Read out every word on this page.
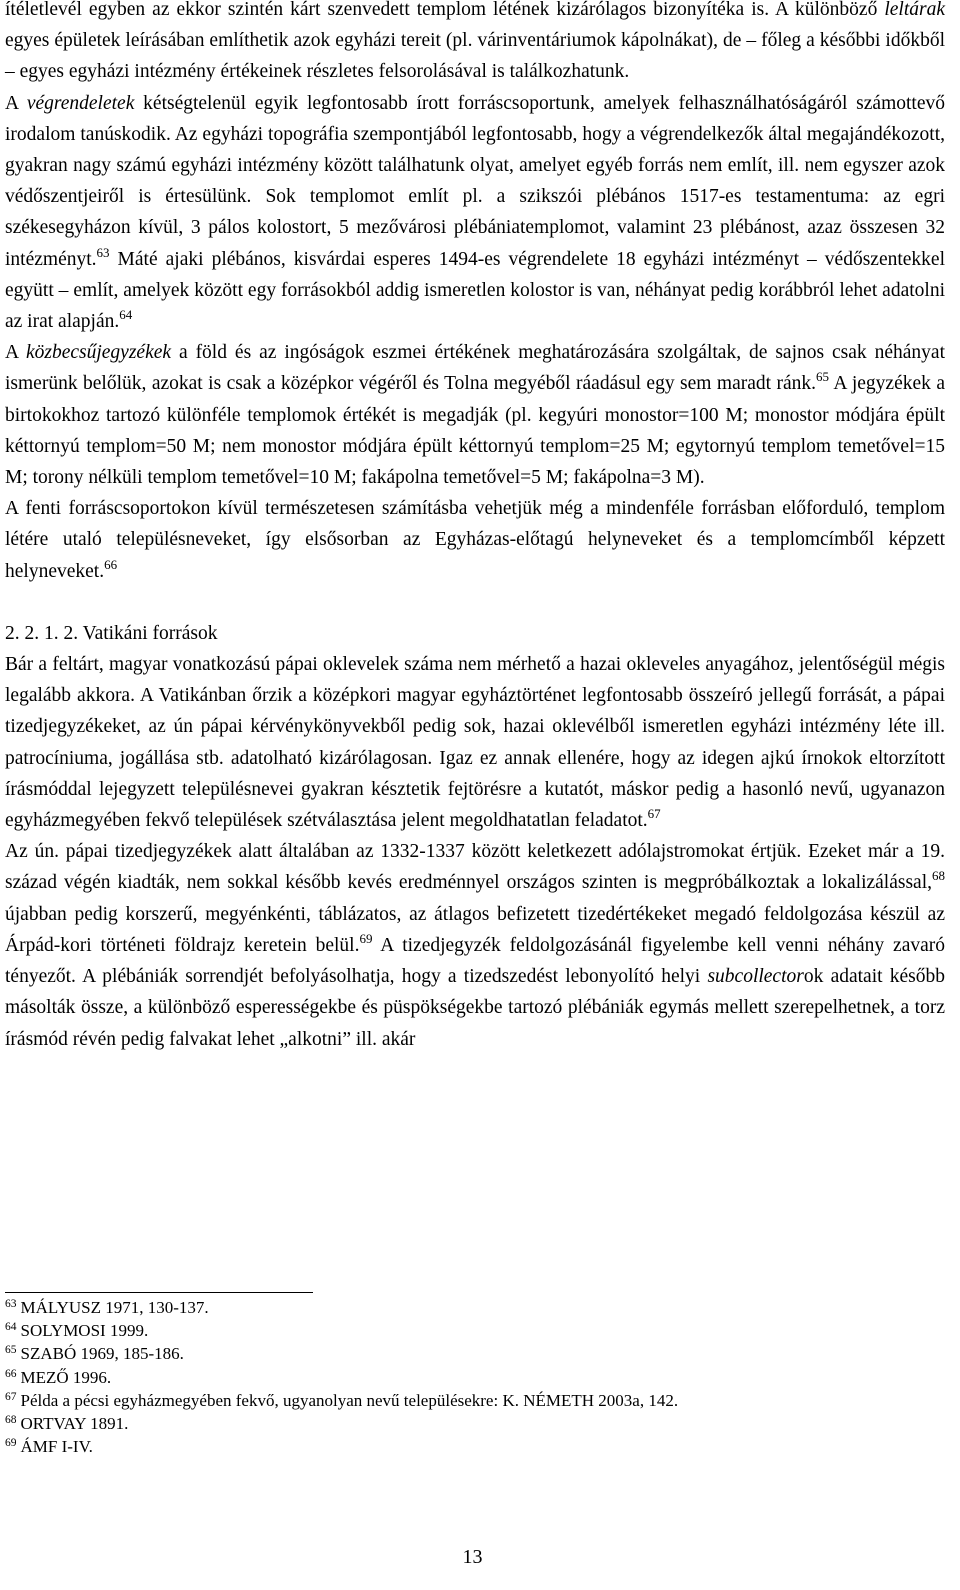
ítéletlevél egyben az ekkor szintén kárt szenvedett templom létének kizárólagos bizonyítéka is. A különböző leltárak egyes épületek leírásában említhetik azok egyházi tereit (pl. várinventáriumok kápolnákat), de – főleg a későbbi időkből – egyes egyházi intézmény értékeinek részletes felsorolásával is találkozhatunk.

A végrendeletek kétségtelenül egyik legfontosabb írott forráscsoportunk, amelyek felhasználhatóságáról számottevő irodalom tanúskodik. Az egyházi topográfia szempontjából legfontosabb, hogy a végrendelkezők által megajándékozott, gyakran nagy számú egyházi intézmény között találhatunk olyat, amelyet egyéb forrás nem említ, ill. nem egyszer azok védőszentjeiről is értesülünk. Sok templomot említ pl. a szikszói plébános 1517-es testamentuma: az egri székesegyházon kívül, 3 pálos kolostort, 5 mezővárosi plébániatemplomot, valamint 23 plébánost, azaz összesen 32 intézményt.$^{63}$ Máté ajaki plébános, kisvárdai esperes 1494-es végrendelete 18 egyházi intézményt – védőszentekkel együtt – említ, amelyek között egy forrásokból addig ismeretlen kolostor is van, néhányat pedig korábbról lehet adatolni az irat alapján.$^{64}$

A közbecsűjegyzékek a föld és az ingóságok eszmei értékének meghatározására szolgáltak, de sajnos csak néhányat ismerünk belőlük, azokat is csak a középkor végéről és Tolna megyéből ráadásul egy sem maradt ránk.$^{65}$ A jegyzékek a birtokokhoz tartozó különféle templomok értékét is megadják (pl. kegyúri monostor=100 M; monostor módjára épült kéttornyú templom=50 M; nem monostor módjára épült kéttornyú templom=25 M; egytornyú templom temetővel=15 M; torony nélküli templom temetővel=10 M; fakápolna temetővel=5 M; fakápolna=3 M).

A fenti forráscsoportokon kívül természetesen számításba vehetjük még a mindenféle forrásban előforduló, templom létére utaló településneveket, így elsősorban az Egyházas-előtagú helyneveket és a templomcímből képzett helyneveket.$^{66}$

2. 2. 1. 2. Vatikáni források

Bár a feltárt, magyar vonatkozású pápai oklevelek száma nem mérhető a hazai okleveles anyagához, jelentőségül mégis legalább akkora. A Vatikánban őrzik a középkori magyar egyháztörténet legfontosabb összeíró jellegű forrását, a pápai tizedjegyzékeket, az ún pápai kérvénykönyvekből pedig sok, hazai oklevélből ismeretlen egyházi intézmény léte ill. patrocíniuma, jogállása stb. adatolható kizárólagosan. Igaz ez annak ellenére, hogy az idegen ajkú írnokok eltorzított írásmóddal lejegyzett településnevei gyakran késztetik fejtörésre a kutatót, máskor pedig a hasonló nevű, ugyanazon egyházmegyében fekvő települések szétválasztása jelent megoldhatatlan feladatot.$^{67}$

Az ún. pápai tizedjegyzékek alatt általában az 1332-1337 között keletkezett adólajstromokat értjük. Ezeket már a 19. század végén kiadták, nem sokkal később kevés eredménnyel országos szinten is megpróbálkoztak a lokalizálással,$^{68}$ újabban pedig korszerű, megyénkénti, táblázatos, az átlagos befizetett tizedértékeket megadó feldolgozása készül az Árpád-kori történeti földrajz keretein belül.$^{69}$ A tizedjegyzék feldolgozásánál figyelembe kell venni néhány zavaró tényezőt. A plébániák sorrendjét befolyásolhatja, hogy a tizedszedést lebonyolító helyi subcollectorok adatait később másolták össze, a különböző esperességekbe és püspökségekbe tartozó plébániák egymás mellett szerepelhetnek, a torz írásmód révén pedig falvakat lehet „alkotni” ill. akár

$^{63}$ MÁLYUSZ 1971, 130-137.
$^{64}$ SOLYMOSI 1999.
$^{65}$ SZABÓ 1969, 185-186.
$^{66}$ MEZŐ 1996.
$^{67}$ Példa a pécsi egyházmegyében fekvő, ugyanolyan nevű településekre: K. NÉMETH 2003a, 142.
$^{68}$ ORTVAY 1891.
$^{69}$ ÁMF I-IV.
13
